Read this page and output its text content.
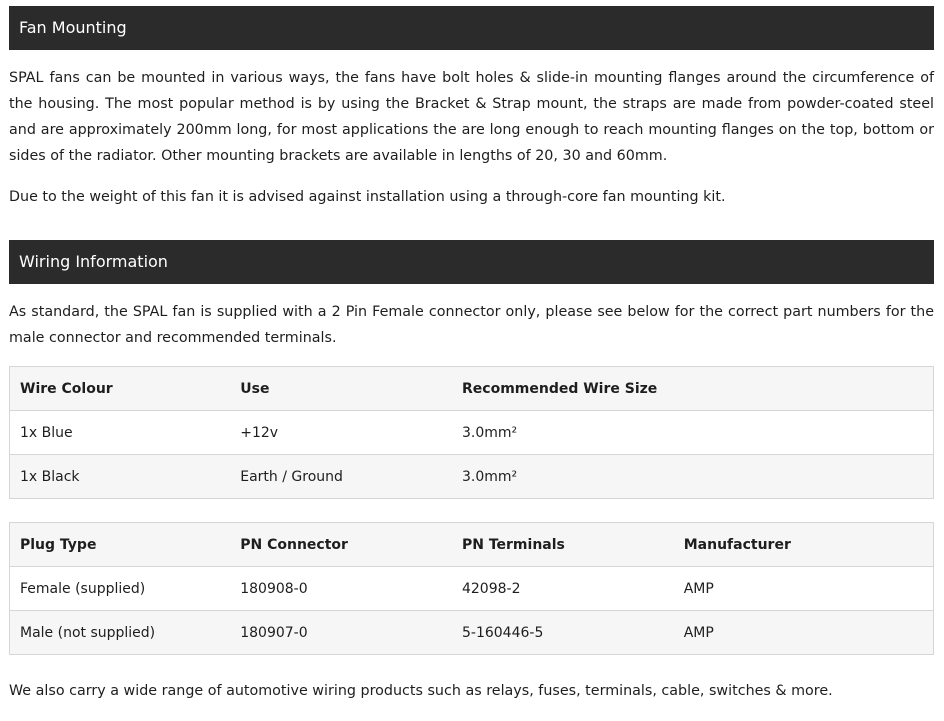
Fan Mounting

SPAL fans can be mounted in various ways, the fans have bolt holes & slide-in mounting flanges around the circumference of the housing. The most popular method is by using the Bracket & Strap mount, the straps are made from powder-coated steel and are approximately 200mm long, for most applications the are long enough to reach mounting flanges on the top, bottom or sides of the radiator. Other mounting brackets are available in lengths of 20, 30 and 60mm.

Due to the weight of this fan it is advised against installation using a through-core fan mounting kit.

Wiring Information

As standard, the SPAL fan is supplied with a 2 Pin Female connector only, please see below for the correct part numbers for the male connector and recommended terminals.

Wire Colour	Use	Recommended Wire Size
1x Blue	+12v	3.0mm²
1x Black	Earth / Ground	3.0mm²
Plug Type	PN Connector	PN Terminals	Manufacturer
Female (supplied)	180908-0	42098-2	AMP
Male (not supplied)	180907-0	5-160446-5	AMP

We also carry a wide range of automotive wiring products such as relays, fuses, terminals, cable, switches & more.
